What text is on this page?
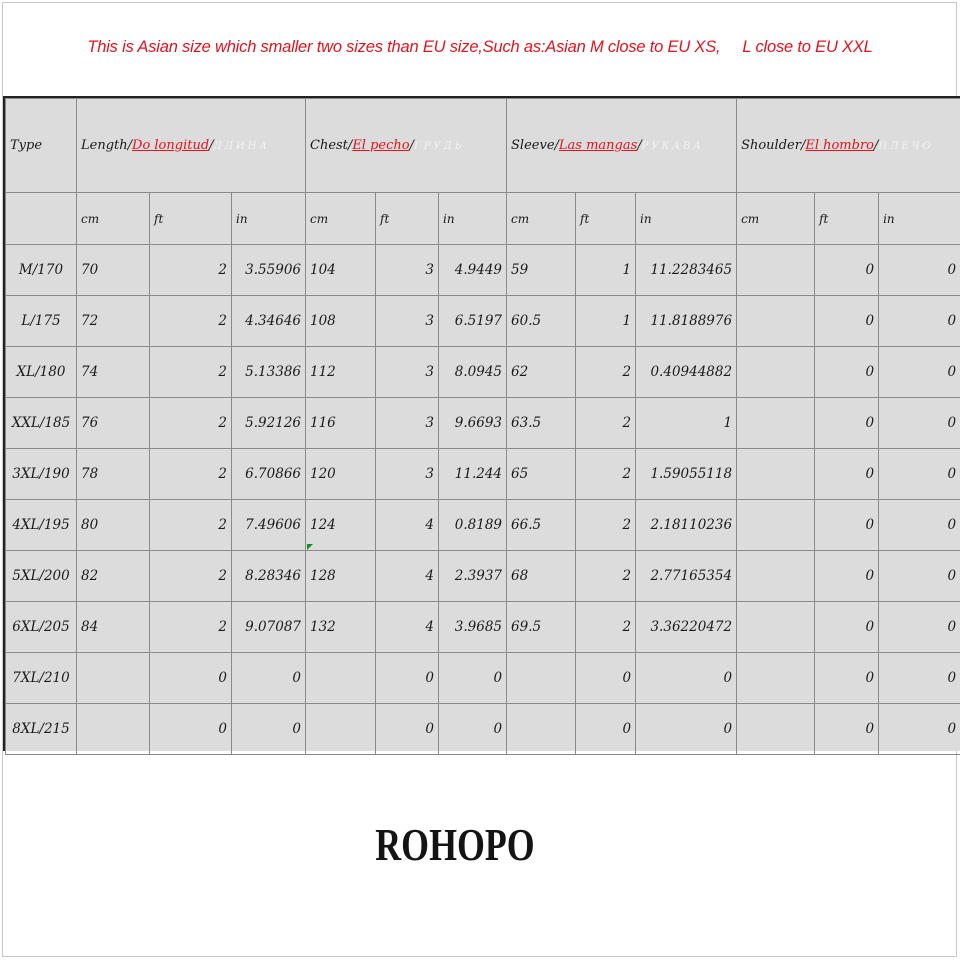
This is Asian size which smaller two sizes than EU size,Such as:Asian M close to EU XS, L close to EU XXL
Type	Length/Do longitud/ДЛИНА			Chest/El pecho/ГРУДЬ			Sleeve/Las mangas/РУКАВА			Shoulder/El hombro/ПЛЕЧО		
	cm	ft	in	cm	ft	in	cm	ft	in	cm	ft	in
M/170	70	2	3.55906	104	3	4.9449	59	1	11.2283465		0	0
L/175	72	2	4.34646	108	3	6.5197	60.5	1	11.8188976		0	0
XL/180	74	2	5.13386	112	3	8.0945	62	2	0.40944882		0	0
XXL/185	76	2	5.92126	116	3	9.6693	63.5	2	1		0	0
3XL/190	78	2	6.70866	120	3	11.244	65	2	1.59055118		0	0
4XL/195	80	2	7.49606	124	4	0.8189	66.5	2	2.18110236		0	0
5XL/200	82	2	8.28346	128	4	2.3937	68	2	2.77165354		0	0
6XL/205	84	2	9.07087	132	4	3.9685	69.5	2	3.36220472		0	0
7XL/210		0	0		0	0		0	0		0	0
8XL/215		0	0		0	0		0	0		0	0
ROHOPO
